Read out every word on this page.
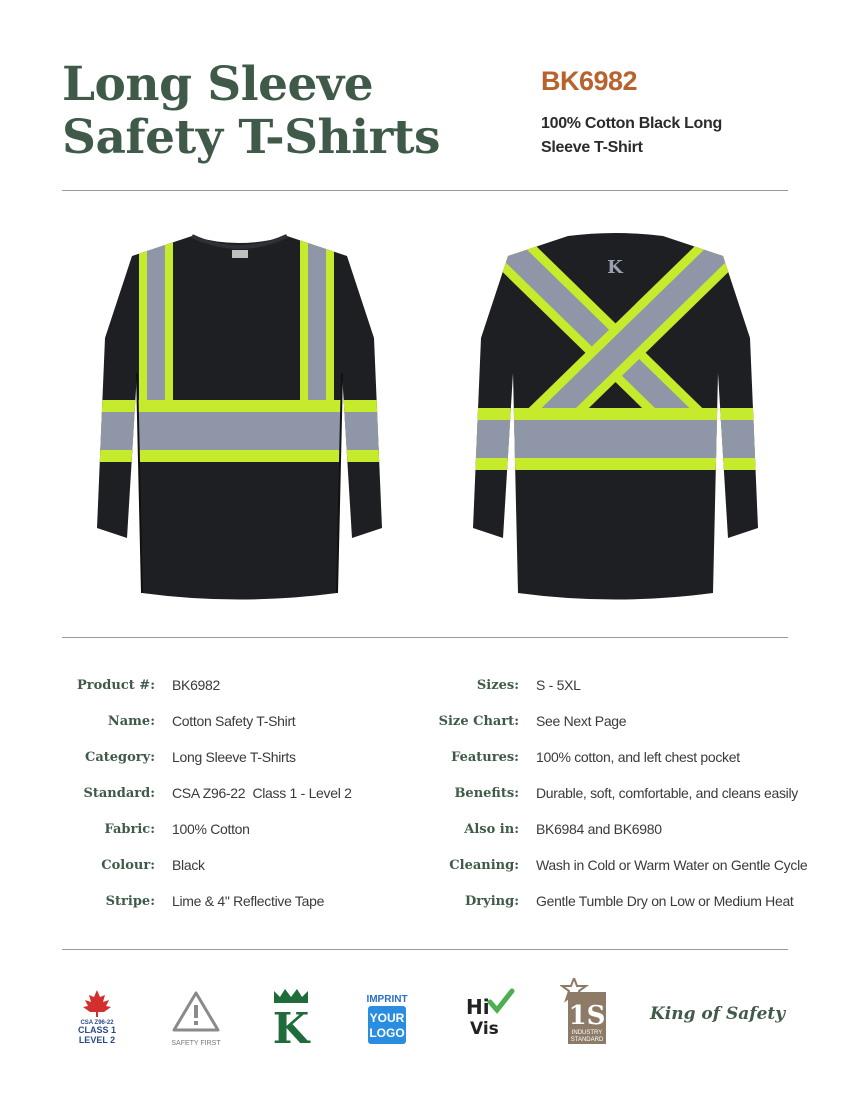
Long Sleeve
Safety T-Shirts
BK6982
100% Cotton Black Long
Sleeve T-Shirt
K
Product #: BK6982
Name: Cotton Safety T-Shirt
Category: Long Sleeve T-Shirts
Standard: CSA Z96-22  Class 1 - Level 2
Fabric: 100% Cotton
Colour: Black
Stripe: Lime & 4" Reflective Tape
Sizes: S - 5XL
Size Chart: See Next Page
Features: 100% cotton, and left chest pocket
Benefits: Durable, soft, comfortable, and cleans easily
Also in: BK6984 and BK6980
Cleaning: Wash in Cold or Warm Water on Gentle Cycle
Drying: Gentle Tumble Dry on Low or Medium Heat
CSA Z96-22
CLASS 1
LEVEL 2	SAFETY FIRST K
IMPRINT
YOUR
LOGO
Hi
Vis	1S
INDUSTRY
STANDARD
King of Safety
